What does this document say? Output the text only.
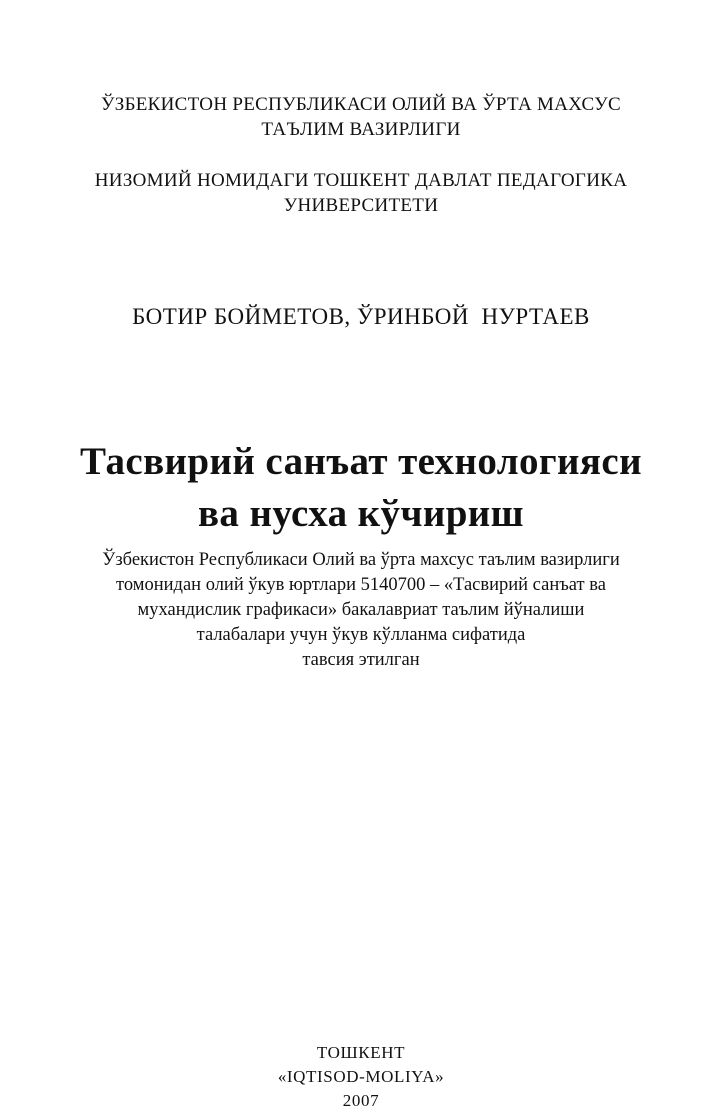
ЎЗБЕКИСТОН РЕСПУБЛИКАСИ ОЛИЙ ВА ЎРТА МАХСУС
ТАЪЛИМ ВАЗИРЛИГИ
НИЗОМИЙ НОМИДАГИ ТОШКЕНТ ДАВЛАТ ПЕДАГОГИКА
УНИВЕРСИТЕТИ
БОТИР БОЙМЕТОВ, ЎРИНБОЙ  НУРТАЕВ
Тасвирий санъат технологияси
ва нусха кўчириш
Ўзбекистон Республикаси Олий ва ўрта махсус таълим вазирлиги
томонидан олий ўкув юртлари 5140700 – «Тасвирий санъат ва
мухандислик графикаси» бакалавриат таълим йўналиши
талабалари учун ўкув кўлланма сифатида
тавсия этилган
ТОШКЕНТ
«IQTISOD-MOLIYA»
2007
